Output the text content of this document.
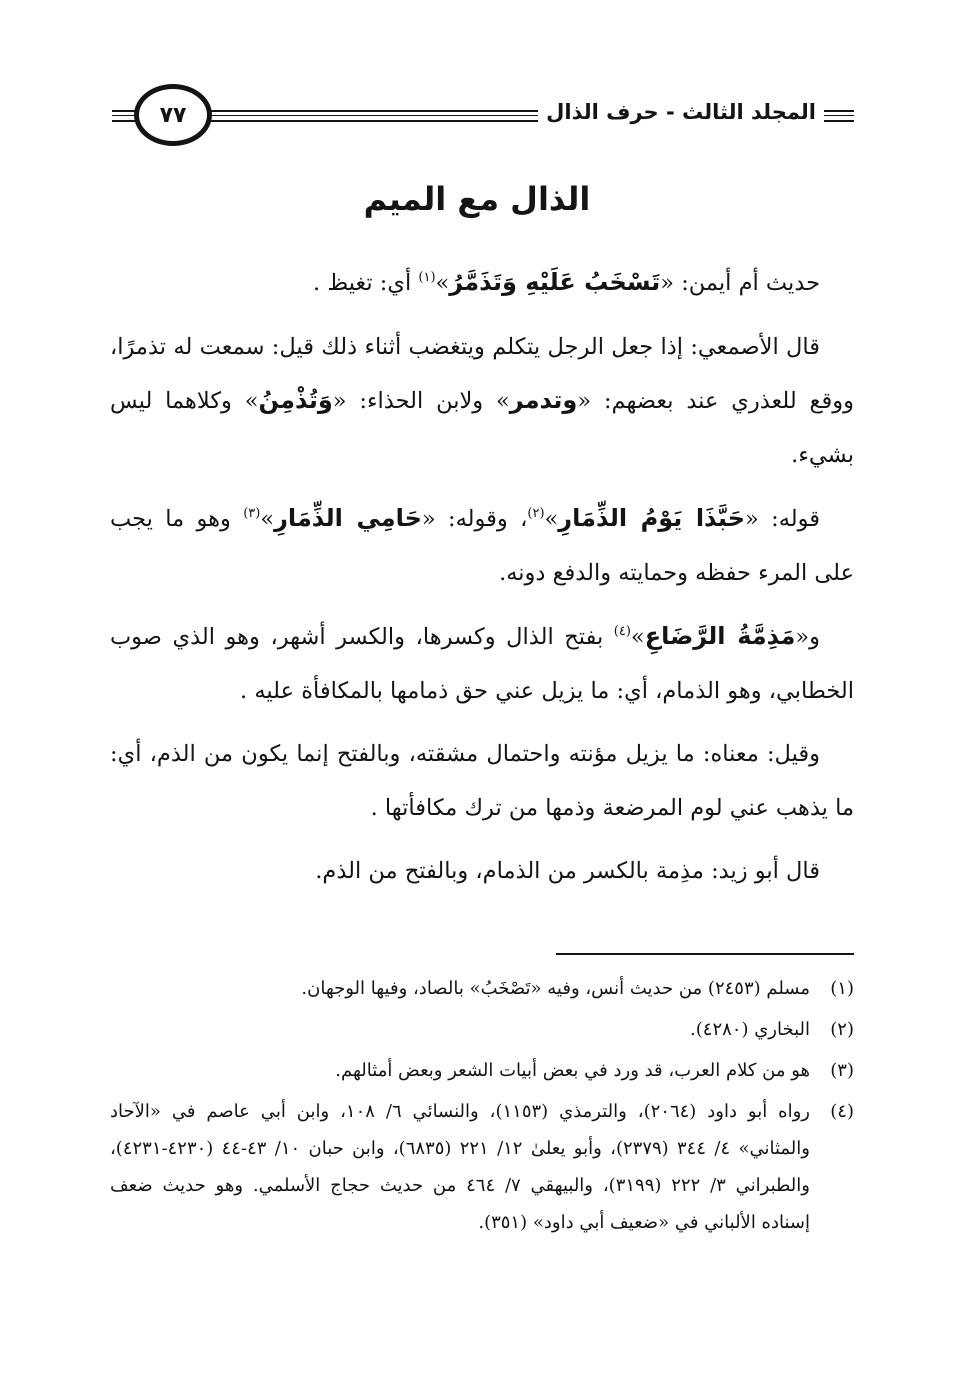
المجلد الثالث - حرف الذال
٧٧
الذال مع الميم

حديث أم أيمن: «تَسْخَبُ عَلَيْهِ وَتَذَمَّرُ»$^{(١)}$ أي: تغيظ .

قال الأصمعي: إذا جعل الرجل يتكلم ويتغضب أثناء ذلك قيل: سمعت له تذمرًا، ووقع للعذري عند بعضهم: «وتدمر» ولابن الحذاء: «وَتُذْمِنُ» وكلاهما ليس بشيء.

قوله: «حَبَّذَا يَوْمُ الذِّمَارِ»$^{(٢)}$، وقوله: «حَامِي الذِّمَارِ»$^{(٣)}$ وهو ما يجب على المرء حفظه وحمايته والدفع دونه.

و«مَذِمَّةُ الرَّضَاعِ»$^{(٤)}$ بفتح الذال وكسرها، والكسر أشهر، وهو الذي صوب الخطابي، وهو الذمام، أي: ما يزيل عني حق ذمامها بالمكافأة عليه .

وقيل: معناه: ما يزيل مؤنته واحتمال مشقته، وبالفتح إنما يكون من الذم، أي: ما يذهب عني لوم المرضعة وذمها من ترك مكافأتها .

قال أبو زيد: مذِمة بالكسر من الذمام، وبالفتح من الذم.

(١)
مسلم (٢٤٥٣) من حديث أنس، وفيه «تَصْخَبُ» بالصاد، وفيها الوجهان.
(٢)
البخاري (٤٢٨٠).
(٣)
هو من كلام العرب، قد ورد في بعض أبيات الشعر وبعض أمثالهم.
(٤)
رواه أبو داود (٢٠٦٤)، والترمذي (١١٥٣)، والنسائي ٦/ ١٠٨، وابن أبي عاصم في «الآحاد والمثاني» ٤/ ٣٤٤ (٢٣٧٩)، وأبو يعلىٰ ١٢/ ٢٢١ (٦٨٣٥)، وابن حبان ١٠/ ٤٣-٤٤ (٤٢٣٠-٤٢٣١)، والطبراني ٣/ ٢٢٢ (٣١٩٩)، والبيهقي ٧/ ٤٦٤ من حديث حجاج الأسلمي. وهو حديث ضعف إسناده الألباني في «ضعيف أبي داود» (٣٥١).
